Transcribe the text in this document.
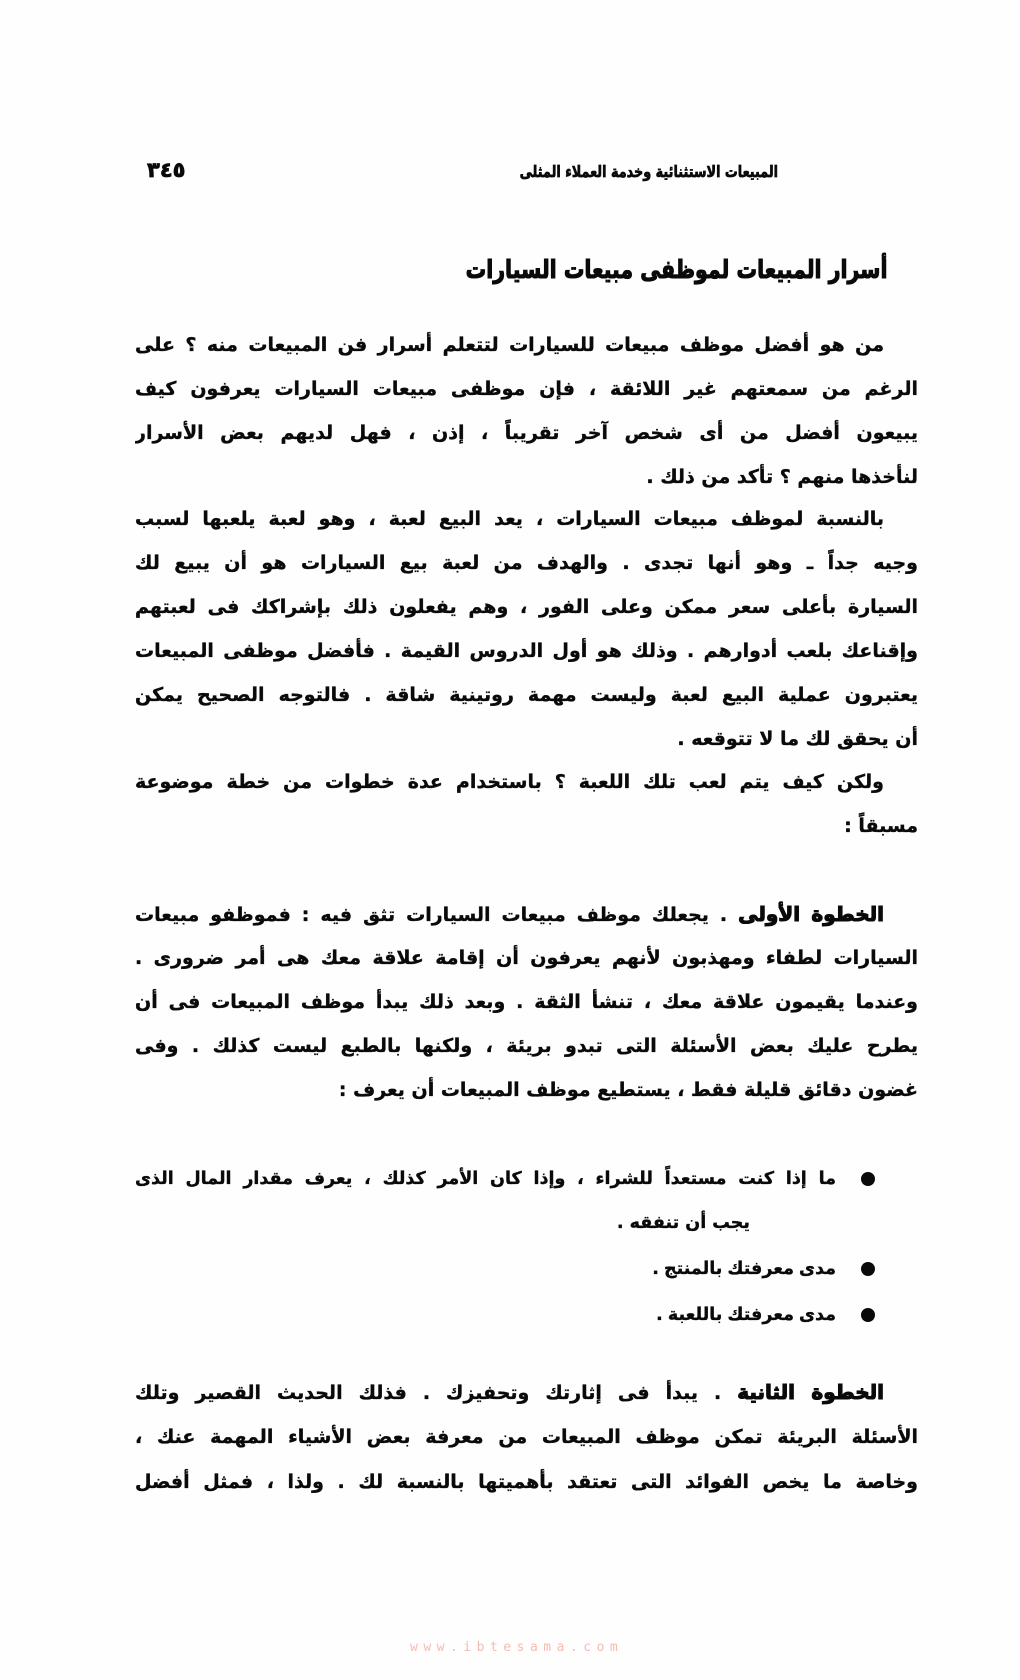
٣٤٥	المبيعات الاستثنائية وخدمة العملاء المثلى
أسرار المبيعات لموظفى مبيعات السيارات
من هو أفضل موظف مبيعات للسيارات لتتعلم أسرار فن المبيعات منه ؟ على
الرغم من سمعتهم غير اللائقة ، فإن موظفى مبيعات السيارات يعرفون كيف
يبيعون أفضل من أى شخص آخر تقريباً ، إذن ، فهل لديهم بعض الأسرار
لنأخذها منهم ؟ تأكد من ذلك .
بالنسبة لموظف مبيعات السيارات ، يعد البيع لعبة ، وهو لعبة يلعبها لسبب
وجيه جداً ـ وهو أنها تجدى . والهدف من لعبة بيع السيارات هو أن يبيع لك
السيارة بأعلى سعر ممكن وعلى الفور ، وهم يفعلون ذلك بإشراكك فى لعبتهم
وإقناعك بلعب أدوارهم . وذلك هو أول الدروس القيمة . فأفضل موظفى المبيعات
يعتبرون عملية البيع لعبة وليست مهمة روتينية شاقة . فالتوجه الصحيح يمكن
أن يحقق لك ما لا تتوقعه .
ولكن كيف يتم لعب تلك اللعبة ؟ باستخدام عدة خطوات من خطة موضوعة
مسبقاً :
الخطوة الأولى . يجعلك موظف مبيعات السيارات تثق فيه : فموظفو مبيعات
السيارات لطفاء ومهذبون لأنهم يعرفون أن إقامة علاقة معك هى أمر ضرورى .
وعندما يقيمون علاقة معك ، تنشأ الثقة . وبعد ذلك يبدأ موظف المبيعات فى أن
يطرح عليك بعض الأسئلة التى تبدو بريئة ، ولكنها بالطبع ليست كذلك . وفى
غضون دقائق قليلة فقط ، يستطيع موظف المبيعات أن يعرف :
ما إذا كنت مستعداً للشراء ، وإذا كان الأمر كذلك ، يعرف مقدار المال الذى
يجب أن تنفقه .
مدى معرفتك بالمنتج .
مدى معرفتك باللعبة .
الخطوة الثانية . يبدأ فى إثارتك وتحفيزك . فذلك الحديث القصير وتلك
الأسئلة البريئة تمكن موظف المبيعات من معرفة بعض الأشياء المهمة عنك ،
وخاصة ما يخص الفوائد التى تعتقد بأهميتها بالنسبة لك . ولذا ، فمثل أفضل
www.ibtesama.com
